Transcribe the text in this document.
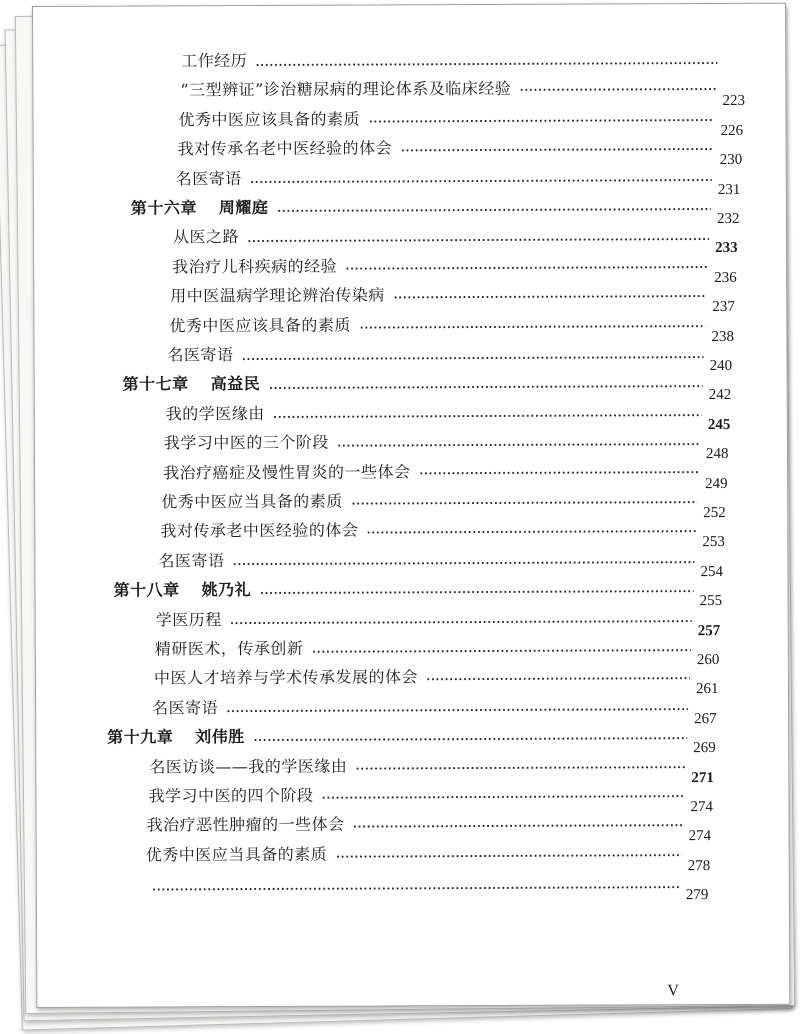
工作经历
“三型辨证”诊治糖尿病的理论体系及临床经验
223
优秀中医应该具备的素质
226
我对传承名老中医经验的体会
230
名医寄语
231
第十六章 周耀庭
232
从医之路
233
我治疗儿科疾病的经验
236
用中医温病学理论辨治传染病
237
优秀中医应该具备的素质
238
名医寄语
240
第十七章 高益民
242
我的学医缘由
245
我学习中医的三个阶段
248
我治疗癌症及慢性胃炎的一些体会
249
优秀中医应当具备的素质
252
我对传承老中医经验的体会
253
名医寄语
254
第十八章 姚乃礼
255
学医历程
257
精研医术，传承创新
260
中医人才培养与学术传承发展的体会
261
名医寄语
267
第十九章 刘伟胜
269
名医访谈——我的学医缘由
271
我学习中医的四个阶段
274
我治疗恶性肿瘤的一些体会
274
优秀中医应当具备的素质
278
279
V
